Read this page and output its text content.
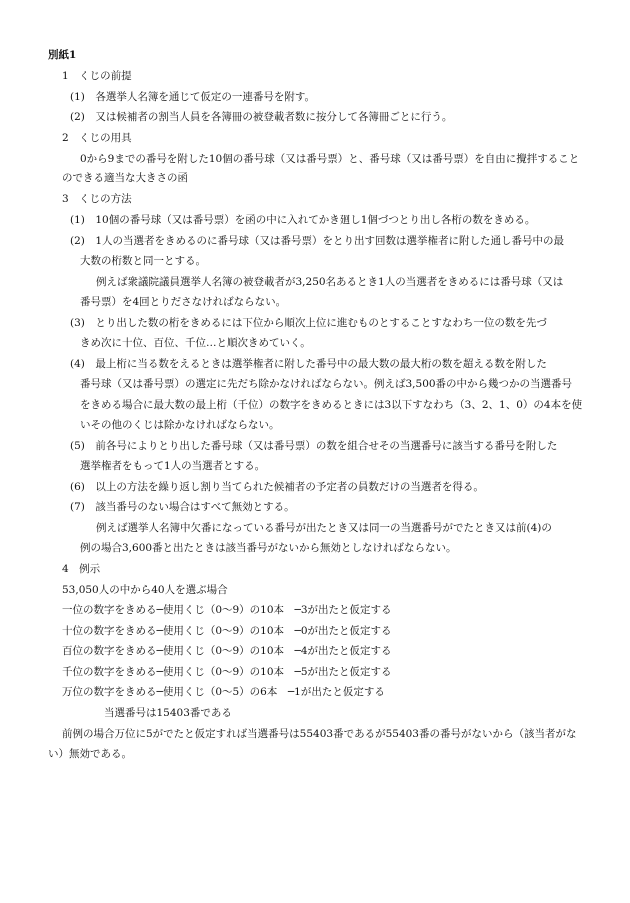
別紙1
1　くじの前提
(1)　各選挙人名簿を通じて仮定の一連番号を附す。
(2)　又は候補者の割当人員を各簿冊の被登載者数に按分して各簿冊ごとに行う。
2　くじの用具
0から9までの番号を附した10個の番号球（又は番号票）と、番号球（又は番号票）を自由に攪拌すること
のできる適当な大きさの函
3　くじの方法
(1)　10個の番号球（又は番号票）を函の中に入れてかき廻し1個づつとり出し各桁の数をきめる。
(2)　1人の当選者をきめるのに番号球（又は番号票）をとり出す回数は選挙権者に附した通し番号中の最
大数の桁数と同一とする。
例えば衆議院議員選挙人名簿の被登載者が3,250名あるとき1人の当選者をきめるには番号球（又は
番号票）を4回とりださなければならない。
(3)　とり出した数の桁をきめるには下位から順次上位に進むものとすることすなわち一位の数を先づ
きめ次に十位、百位、千位…と順次きめていく。
(4)　最上桁に当る数をえるときは選挙権者に附した番号中の最大数の最大桁の数を超える数を附した
番号球（又は番号票）の選定に先だち除かなければならない。例えば3,500番の中から幾つかの当選番号
をきめる場合に最大数の最上桁（千位）の数字をきめるときには3以下すなわち（3、2、1、0）の4本を使
いその他のくじは除かなければならない。
(5)　前各号によりとり出した番号球（又は番号票）の数を組合せその当選番号に該当する番号を附した
選挙権者をもって1人の当選者とする。
(6)　以上の方法を繰り返し割り当てられた候補者の予定者の員数だけの当選者を得る。
(7)　該当番号のない場合はすべて無効とする。
例えば選挙人名簿中欠番になっている番号が出たとき又は同一の当選番号がでたとき又は前(4)の
例の場合3,600番と出たときは該当番号がないから無効としなければならない。
4　例示
53,050人の中から40人を選ぶ場合
一位の数字をきめる─使用くじ（0～9）の10本　─3が出たと仮定する
十位の数字をきめる─使用くじ（0～9）の10本　─0が出たと仮定する
百位の数字をきめる─使用くじ（0～9）の10本　─4が出たと仮定する
千位の数字をきめる─使用くじ（0～9）の10本　─5が出たと仮定する
万位の数字をきめる─使用くじ（0～5）の6本　─1が出たと仮定する
当選番号は15403番である
前例の場合万位に5がでたと仮定すれば当選番号は55403番であるが55403番の番号がないから（該当者がな
い）無効である。
